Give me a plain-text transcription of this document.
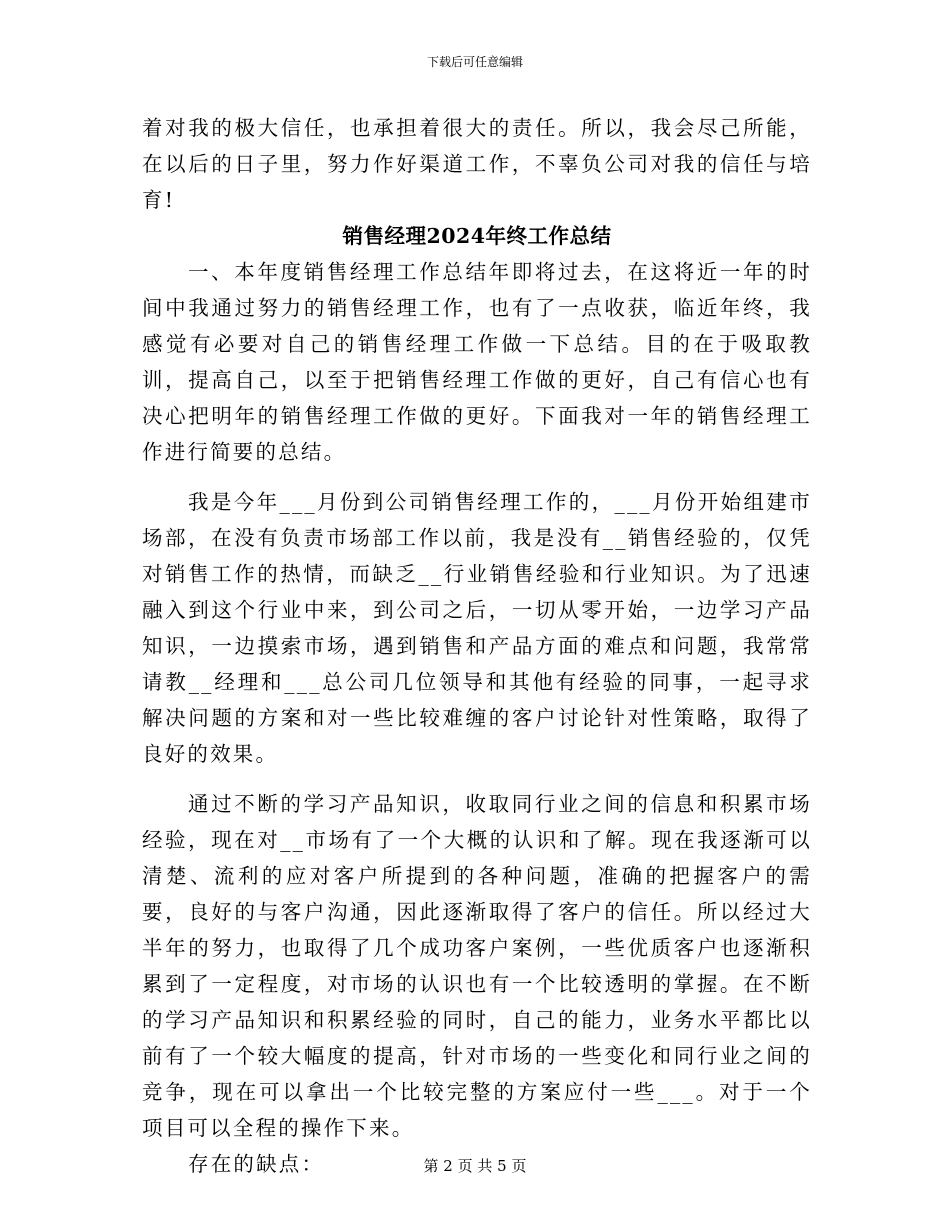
下载后可任意编辑

着对我的极大信任，也承担着很大的责任。所以，我会尽己所能，在以后的日子里，努力作好渠道工作，不辜负公司对我的信任与培育!

销售经理2024年终工作总结

一、本年度销售经理工作总结年即将过去，在这将近一年的时间中我通过努力的销售经理工作，也有了一点收获，临近年终，我感觉有必要对自己的销售经理工作做一下总结。目的在于吸取教训，提高自己，以至于把销售经理工作做的更好，自己有信心也有决心把明年的销售经理工作做的更好。下面我对一年的销售经理工作进行简要的总结。

我是今年___月份到公司销售经理工作的，___月份开始组建市场部，在没有负责市场部工作以前，我是没有__销售经验的，仅凭对销售工作的热情，而缺乏__行业销售经验和行业知识。为了迅速融入到这个行业中来，到公司之后，一切从零开始，一边学习产品知识，一边摸索市场，遇到销售和产品方面的难点和问题，我常常请教__经理和___总公司几位领导和其他有经验的同事，一起寻求解决问题的方案和对一些比较难缠的客户讨论针对性策略，取得了良好的效果。

通过不断的学习产品知识，收取同行业之间的信息和积累市场经验，现在对__市场有了一个大概的认识和了解。现在我逐渐可以清楚、流利的应对客户所提到的各种问题，准确的把握客户的需要，良好的与客户沟通，因此逐渐取得了客户的信任。所以经过大半年的努力，也取得了几个成功客户案例，一些优质客户也逐渐积累到了一定程度，对市场的认识也有一个比较透明的掌握。在不断的学习产品知识和积累经验的同时，自己的能力，业务水平都比以前有了一个较大幅度的提高，针对市场的一些变化和同行业之间的竞争，现在可以拿出一个比较完整的方案应付一些___。对于一个项目可以全程的操作下来。

存在的缺点：	第 2 页 共 5 页
